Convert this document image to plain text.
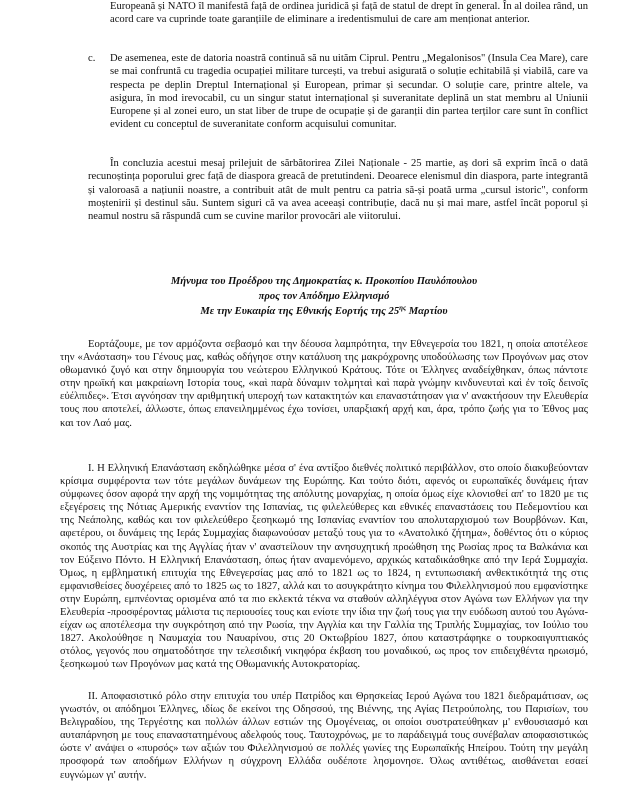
Europeană și NATO îl manifestă față de ordinea juridică și față de statul de drept în general. În al doilea rând, un acord care va cuprinde toate garanțiile de eliminare a iredentismului de care am menționat anterior.

c. De asemenea, este de datoria noastră continuă să nu uităm Ciprul. Pentru „Megalonisos" (Insula Cea Mare), care se mai confruntă cu tragedia ocupației militare turcești, va trebui asigurată o soluție echitabilă și viabilă, care va respecta pe deplin Dreptul Internațional și European, primar și secundar. O soluție care, printre altele, va asigura, în mod irevocabil, cu un singur statut internațional și suveranitate deplină un stat membru al Uniunii Europene și al zonei euro, un stat liber de trupe de ocupație și de garanții din partea terților care sunt în conflict evident cu conceptul de suveranitate conform acquisului comunitar.

În concluzia acestui mesaj prilejuit de sărbătorirea Zilei Naționale - 25 martie, aș dori să exprim încă o dată recunoștința poporului grec față de diaspora greacă de pretutindeni. Deoarece elenismul din diaspora, parte integrantă și valoroasă a națiunii noastre, a contribuit atât de mult pentru ca patria să-și poată urma „cursul istoric", conform moștenirii și destinul său. Suntem siguri că va avea aceeași contribuție, dacă nu și mai mare, astfel încât poporul și neamul nostru să răspundă cum se cuvine marilor provocări ale viitorului.

Μήνυμα του Προέδρου της Δημοκρατίας κ. Προκοπίου Παυλόπουλου
προς τον Απόδημο Ελληνισμό
Με την Ευκαιρία της Εθνικής Εορτής της $25^{\eta\varsigma}$ Μαρτίου

Εορτάζουμε, με τον αρμόζοντα σεβασμό και την δέουσα λαμπρότητα, την Εθνεγερσία του 1821, η οποία αποτέλεσε την «Ανάσταση» του Γένους μας, καθώς οδήγησε στην κατάλυση της μακρόχρονης υποδούλωσης των Προγόνων μας στον οθωμανικό ζυγό και στην δημιουργία του νεώτερου Ελληνικού Κράτους. Τότε οι Έλληνες αναδείχθηκαν, όπως πάντοτε στην ηρωϊκή και μακραίωνη Ιστορία τους, «καὶ παρὰ δύναμιν τολμηταὶ καὶ παρὰ γνώμην κινδυνευταὶ καὶ ἐν τοῖς δεινοῖς εὐέλπιδες». Έτσι αγνόησαν την αριθμητική υπεροχή των κατακτητών και επαναστάτησαν για ν' ανακτήσουν την Ελευθερία τους που αποτελεί, άλλωστε, όπως επανειλημμένως έχω τονίσει, υπαρξιακή αρχή και, άρα, τρόπο ζωής για το Έθνος μας και τον Λαό μας.

Ι. Η Ελληνική Επανάσταση εκδηλώθηκε μέσα σ' ένα αντίξοο διεθνές πολιτικό περιβάλλον, στο οποίο διακυβεύονταν κρίσιμα συμφέροντα των τότε μεγάλων δυνάμεων της Ευρώπης. Και τούτο διότι, αφενός οι ευρωπαϊκές δυνάμεις ήταν σύμφωνες όσον αφορά την αρχή της νομιμότητας της απόλυτης μοναρχίας, η οποία όμως είχε κλονισθεί απ' το 1820 με τις εξεγέρσεις της Νότιας Αμερικής εναντίον της Ισπανίας, τις φιλελεύθερες και εθνικές επαναστάσεις του Πεδεμοντίου και της Νεάπολης, καθώς και τον φιλελεύθερο ξεσηκωμό της Ισπανίας εναντίον του απολυταρχισμού των Βουρβόνων. Και, αφετέρου, οι δυνάμεις της Ιεράς Συμμαχίας διαφωνούσαν μεταξύ τους για το «Ανατολικό ζήτημα», δοθέντος ότι ο κύριος σκοπός της Αυστρίας και της Αγγλίας ήταν ν' αναστείλουν την ανησυχητική προώθηση της Ρωσίας προς τα Βαλκάνια και τον Εύξεινο Πόντο. Η Ελληνική Επανάσταση, όπως ήταν αναμενόμενο, αρχικώς καταδικάσθηκε από την Ιερά Συμμαχία. Όμως, η εμβληματική επιτυχία της Εθνεγερσίας μας από το 1821 ως το 1824, η εντυπωσιακή ανθεκτικότητά της στις εμφανισθείσες δυσχέρειες από το 1825 ως το 1827, αλλά και το ασυγκράτητο κίνημα του Φιλελληνισμού που εμφανίστηκε στην Ευρώπη, εμπνέοντας ορισμένα από τα πιο εκλεκτά τέκνα να σταθούν αλληλέγγυα στον Αγώνα των Ελλήνων για την Ελευθερία -προσφέροντας μάλιστα τις περιουσίες τους και ενίοτε την ίδια την ζωή τους για την ευόδωση αυτού του Αγώνα- είχαν ως αποτέλεσμα την συγκρότηση από την Ρωσία, την Αγγλία και την Γαλλία της Τριπλής Συμμαχίας, τον Ιούλιο του 1827. Ακολούθησε η Ναυμαχία του Ναυαρίνου, στις 20 Οκτωβρίου 1827, όπου καταστράφηκε ο τουρκοαιγυπτιακός στόλος, γεγονός που σηματοδότησε την τελεσιδική νικηφόρα έκβαση του μοναδικού, ως προς τον επιδειχθέντα ηρωισμό, ξεσηκωμού των Προγόνων μας κατά της Οθωμανικής Αυτοκρατορίας.

ΙΙ. Αποφασιστικό ρόλο στην επιτυχία του υπέρ Πατρίδος και Θρησκείας Ιερού Αγώνα του 1821 διεδραμάτισαν, ως γνωστόν, οι απόδημοι Έλληνες, ιδίως δε εκείνοι της Οδησσού, της Βιέννης, της Αγίας Πετρούπολης, του Παρισίων, του Βελιγραδίου, της Τεργέστης και πολλών άλλων εστιών της Ομογένειας, οι οποίοι συστρατεύθηκαν μ' ενθουσιασμό και αυταπάρνηση με τους επαναστατημένους αδελφούς τους. Ταυτοχρόνως, με το παράδειγμά τους συνέβαλαν αποφασιστικώς ώστε ν' ανάψει ο «πυρσός» των αξιών του Φιλελληνισμού σε πολλές γωνίες της Ευρωπαϊκής Ηπείρου. Τούτη την μεγάλη προσφορά των αποδήμων Ελλήνων η σύγχρονη Ελλάδα ουδέποτε λησμονησε. Όλως αντιθέτως, αισθάνεται εσαεί ευγνώμων γι' αυτήν.
